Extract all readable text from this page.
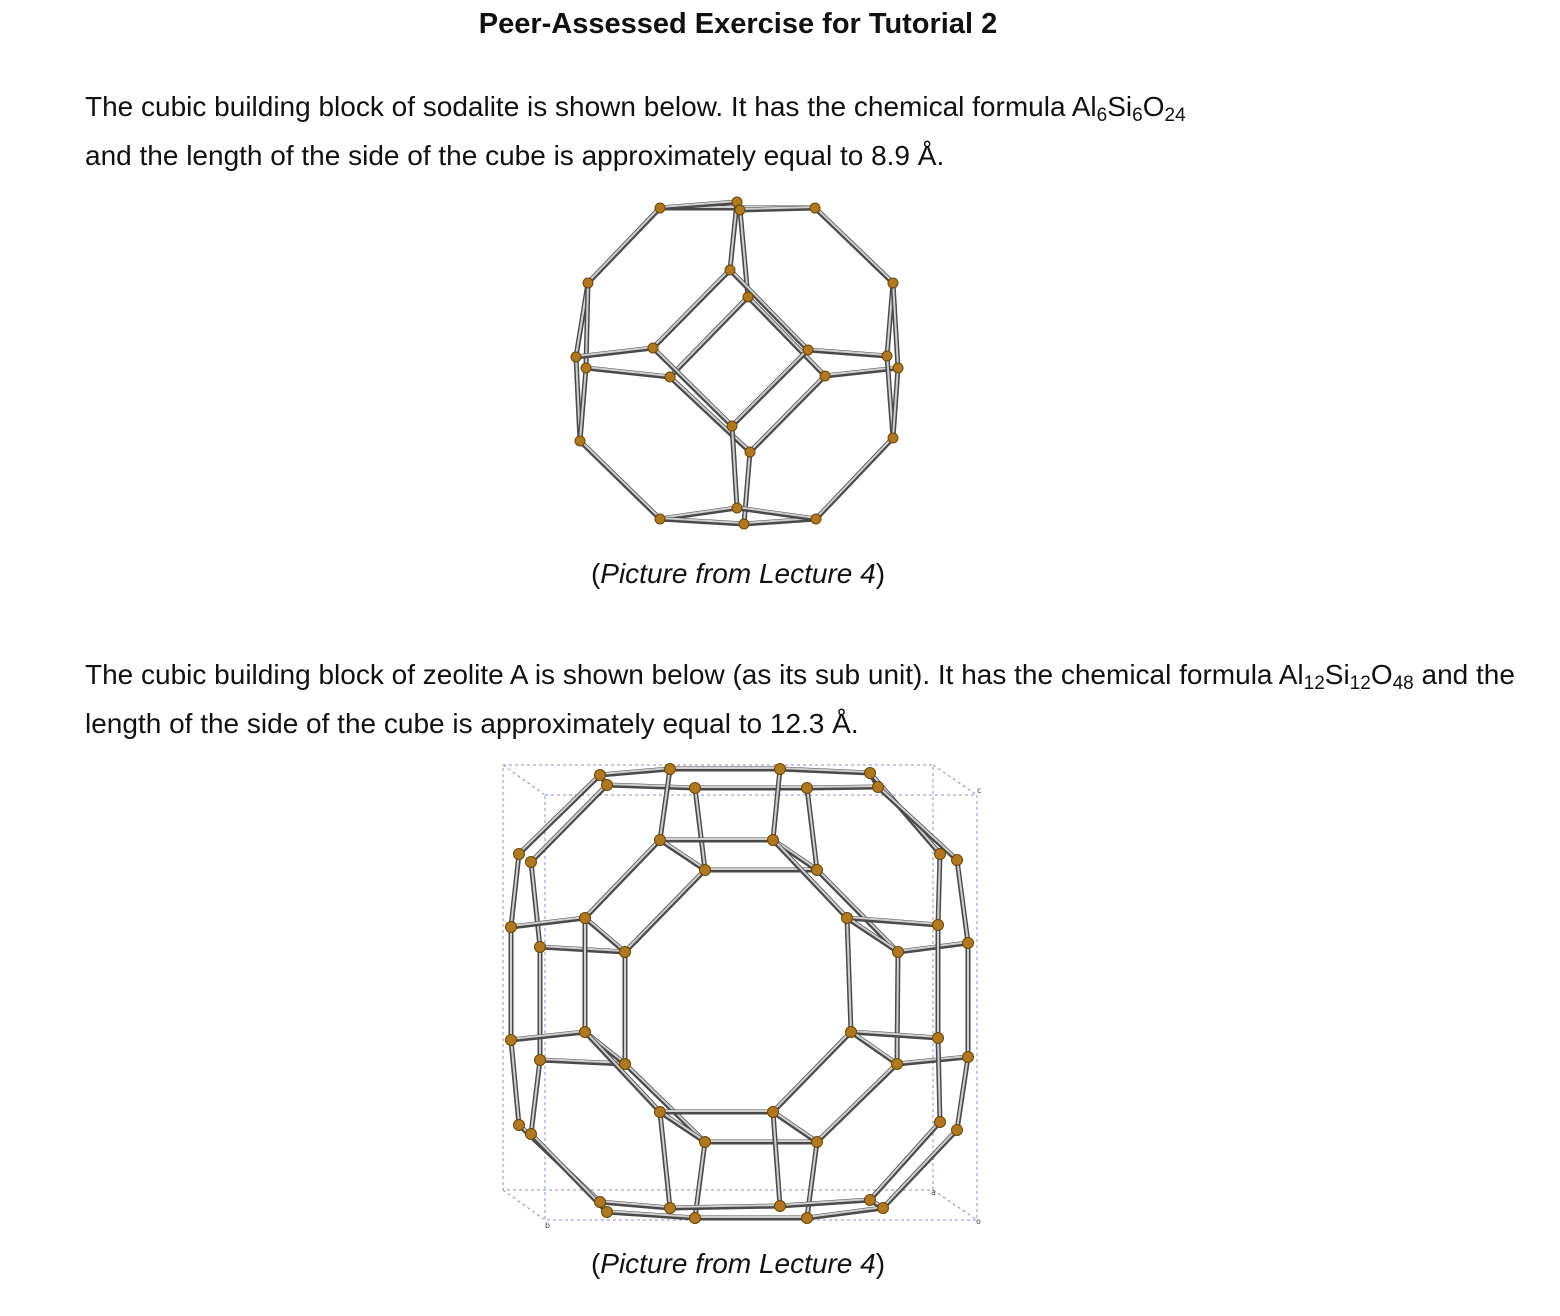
Peer-Assessed Exercise for Tutorial 2

The cubic building block of sodalite is shown below. It has the chemical formula $Al_6Si_6O_{24}$
and the length of the side of the cube is approximately equal to 8.9 Å.

(Picture from Lecture 4)

The cubic building block of zeolite A is shown below (as its sub unit). It has the chemical formula $Al_{12}Si_{12}O_{48}$ and the length of the side of the cube is approximately equal to 12.3 Å.

c
b
a
o
(Picture from Lecture 4)
